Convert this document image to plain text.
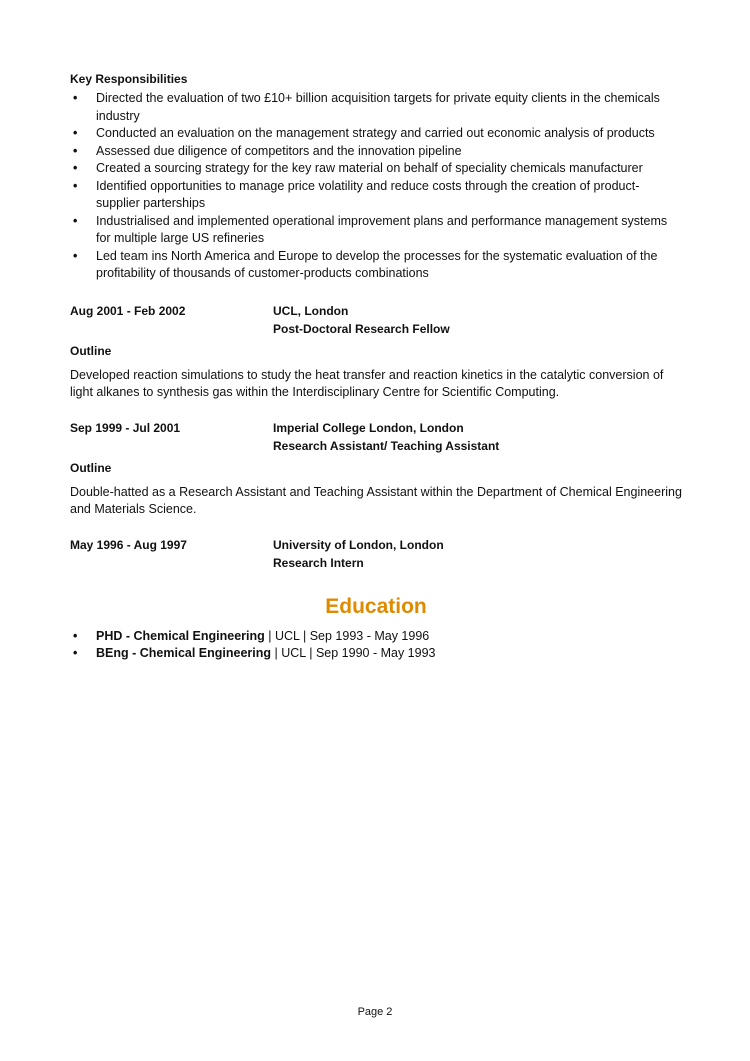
Key Responsibilities
• Directed the evaluation of two £10+ billion acquisition targets for private equity clients in the chemicals industry
• Conducted an evaluation on the management strategy and carried out economic analysis of products
• Assessed due diligence of competitors and the innovation pipeline
• Created a sourcing strategy for the key raw material on behalf of speciality chemicals manufacturer
• Identified opportunities to manage price volatility and reduce costs through the creation of product-supplier parterships
• Industrialised and implemented operational improvement plans and performance management systems for multiple large US refineries
• Led team ins North America and Europe to develop the processes for the systematic evaluation of the profitability of thousands of customer-products combinations
Aug 2001 - Feb 2002	UCL, London
Post-Doctoral Research Fellow
Outline
Developed reaction simulations to study the heat transfer and reaction kinetics in the catalytic conversion of light alkanes to synthesis gas within the Interdisciplinary Centre for Scientific Computing.
Sep 1999 - Jul 2001	Imperial College London, London
Research Assistant/ Teaching Assistant
Outline
Double-hatted as a Research Assistant and Teaching Assistant within the Department of Chemical Engineering and Materials Science.
May 1996 - Aug 1997	University of London, London
Research Intern
Education
• PHD - Chemical Engineering | UCL | Sep 1993 - May 1996
• BEng - Chemical Engineering | UCL | Sep 1990 - May 1993
Page 2
